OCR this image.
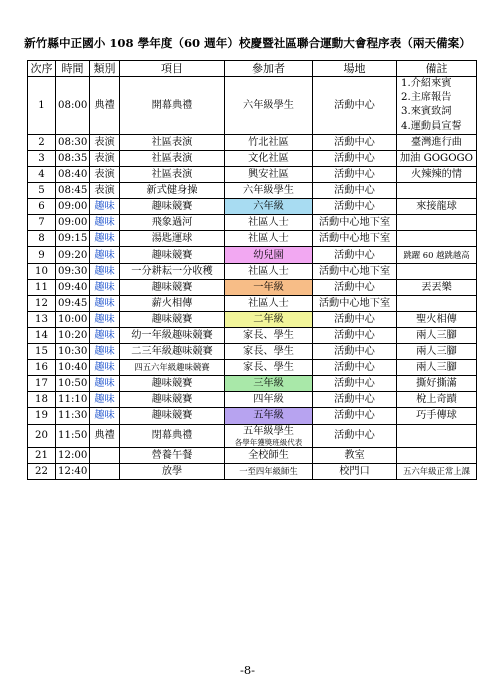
新竹縣中正國小 108 學年度（60 週年）校慶暨社區聯合運動大會程序表（兩天備案）
次序	時間	類別	項目	參加者	場地	備註
1	08:00	典禮	開幕典禮	六年級學生	活動中心	1.介紹來賓
2.主席報告
3.來賓致詞
4.運動員宣誓

2	08:30	表演	社區表演	竹北社區	活動中心	臺灣進行曲
3	08:35	表演	社區表演	文化社區	活動中心	加油 GOGOGO
4	08:40	表演	社區表演	興安社區	活動中心	火辣辣的情
5	08:45	表演	新式健身操	六年級學生	活動中心	
6	09:00	趣味	趣味競賽	六年級	活動中心	來接龍球
7	09:00	趣味	飛象過河	社區人士	活動中心地下室	
8	09:15	趣味	湯匙運球	社區人士	活動中心地下室	
9	09:20	趣味	趣味競賽	幼兒園	活動中心	跳躍 60 越跳越高
10	09:30	趣味	一分耕耘一分收穫	社區人士	活動中心地下室	
11	09:40	趣味	趣味競賽	一年級	活動中心	丟丟樂
12	09:45	趣味	薪火相傳	社區人士	活動中心地下室	
13	10:00	趣味	趣味競賽	二年級	活動中心	聖火相傳
14	10:20	趣味	幼一年級趣味競賽	家長、學生	活動中心	兩人三腳
15	10:30	趣味	二三年級趣味競賽	家長、學生	活動中心	兩人三腳
16	10:40	趣味	四五六年級趣味競賽	家長、學生	活動中心	兩人三腳
17	10:50	趣味	趣味競賽	三年級	活動中心	撕好撕滿
18	11:10	趣味	趣味競賽	四年級	活動中心	梲上奇蹟
19	11:30	趣味	趣味競賽	五年級	活動中心	巧手傳球
20	11:50	典禮	閉幕典禮	五年級學生
各學年獲獎班級代表	活動中心	
21	12:00		營養午餐	全校師生	教室	
22	12:40		放學	一至四年級師生	校門口	五六年級正常上課
-8-
